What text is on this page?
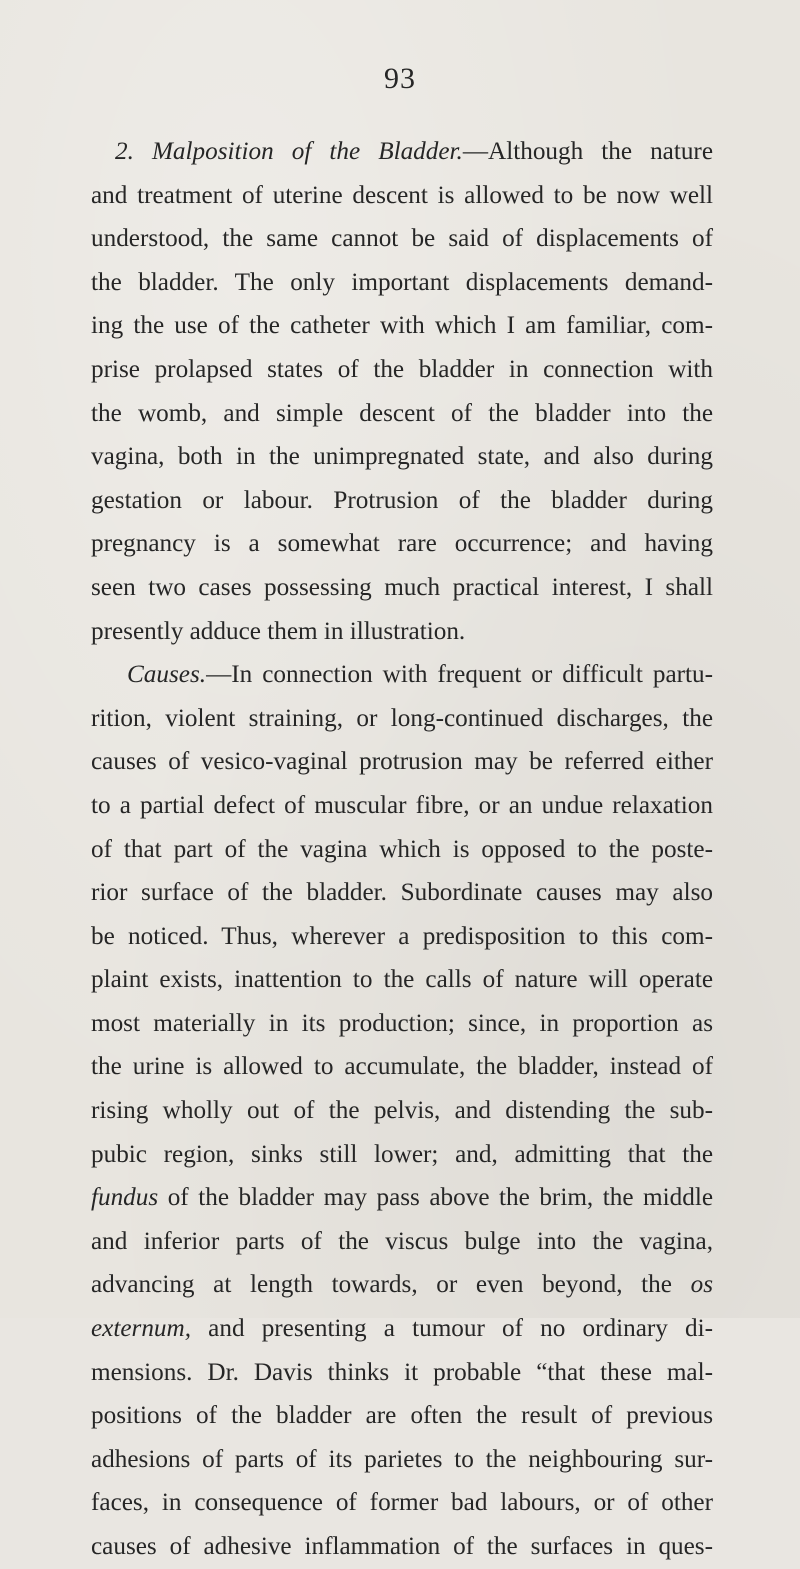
93
2. Malposition of the Bladder.—Although the nature
and treatment of uterine descent is allowed to be now well
understood, the same cannot be said of displacements of
the bladder. The only important displacements demand-
ing the use of the catheter with which I am familiar, com-
prise prolapsed states of the bladder in connection with
the womb, and simple descent of the bladder into the
vagina, both in the unimpregnated state, and also during
gestation or labour. Protrusion of the bladder during
pregnancy is a somewhat rare occurrence; and having
seen two cases possessing much practical interest, I shall
presently adduce them in illustration.
Causes.—In connection with frequent or difficult partu-
rition, violent straining, or long-continued discharges, the
causes of vesico-vaginal protrusion may be referred either
to a partial defect of muscular fibre, or an undue relaxation
of that part of the vagina which is opposed to the poste-
rior surface of the bladder. Subordinate causes may also
be noticed. Thus, wherever a predisposition to this com-
plaint exists, inattention to the calls of nature will operate
most materially in its production; since, in proportion as
the urine is allowed to accumulate, the bladder, instead of
rising wholly out of the pelvis, and distending the sub-
pubic region, sinks still lower; and, admitting that the
fundus of the bladder may pass above the brim, the middle
and inferior parts of the viscus bulge into the vagina,
advancing at length towards, or even beyond, the os
externum, and presenting a tumour of no ordinary di-
mensions. Dr. Davis thinks it probable “that these mal-
positions of the bladder are often the result of previous
adhesions of parts of its parietes to the neighbouring sur-
faces, in consequence of former bad labours, or of other
causes of adhesive inflammation of the surfaces in ques-
